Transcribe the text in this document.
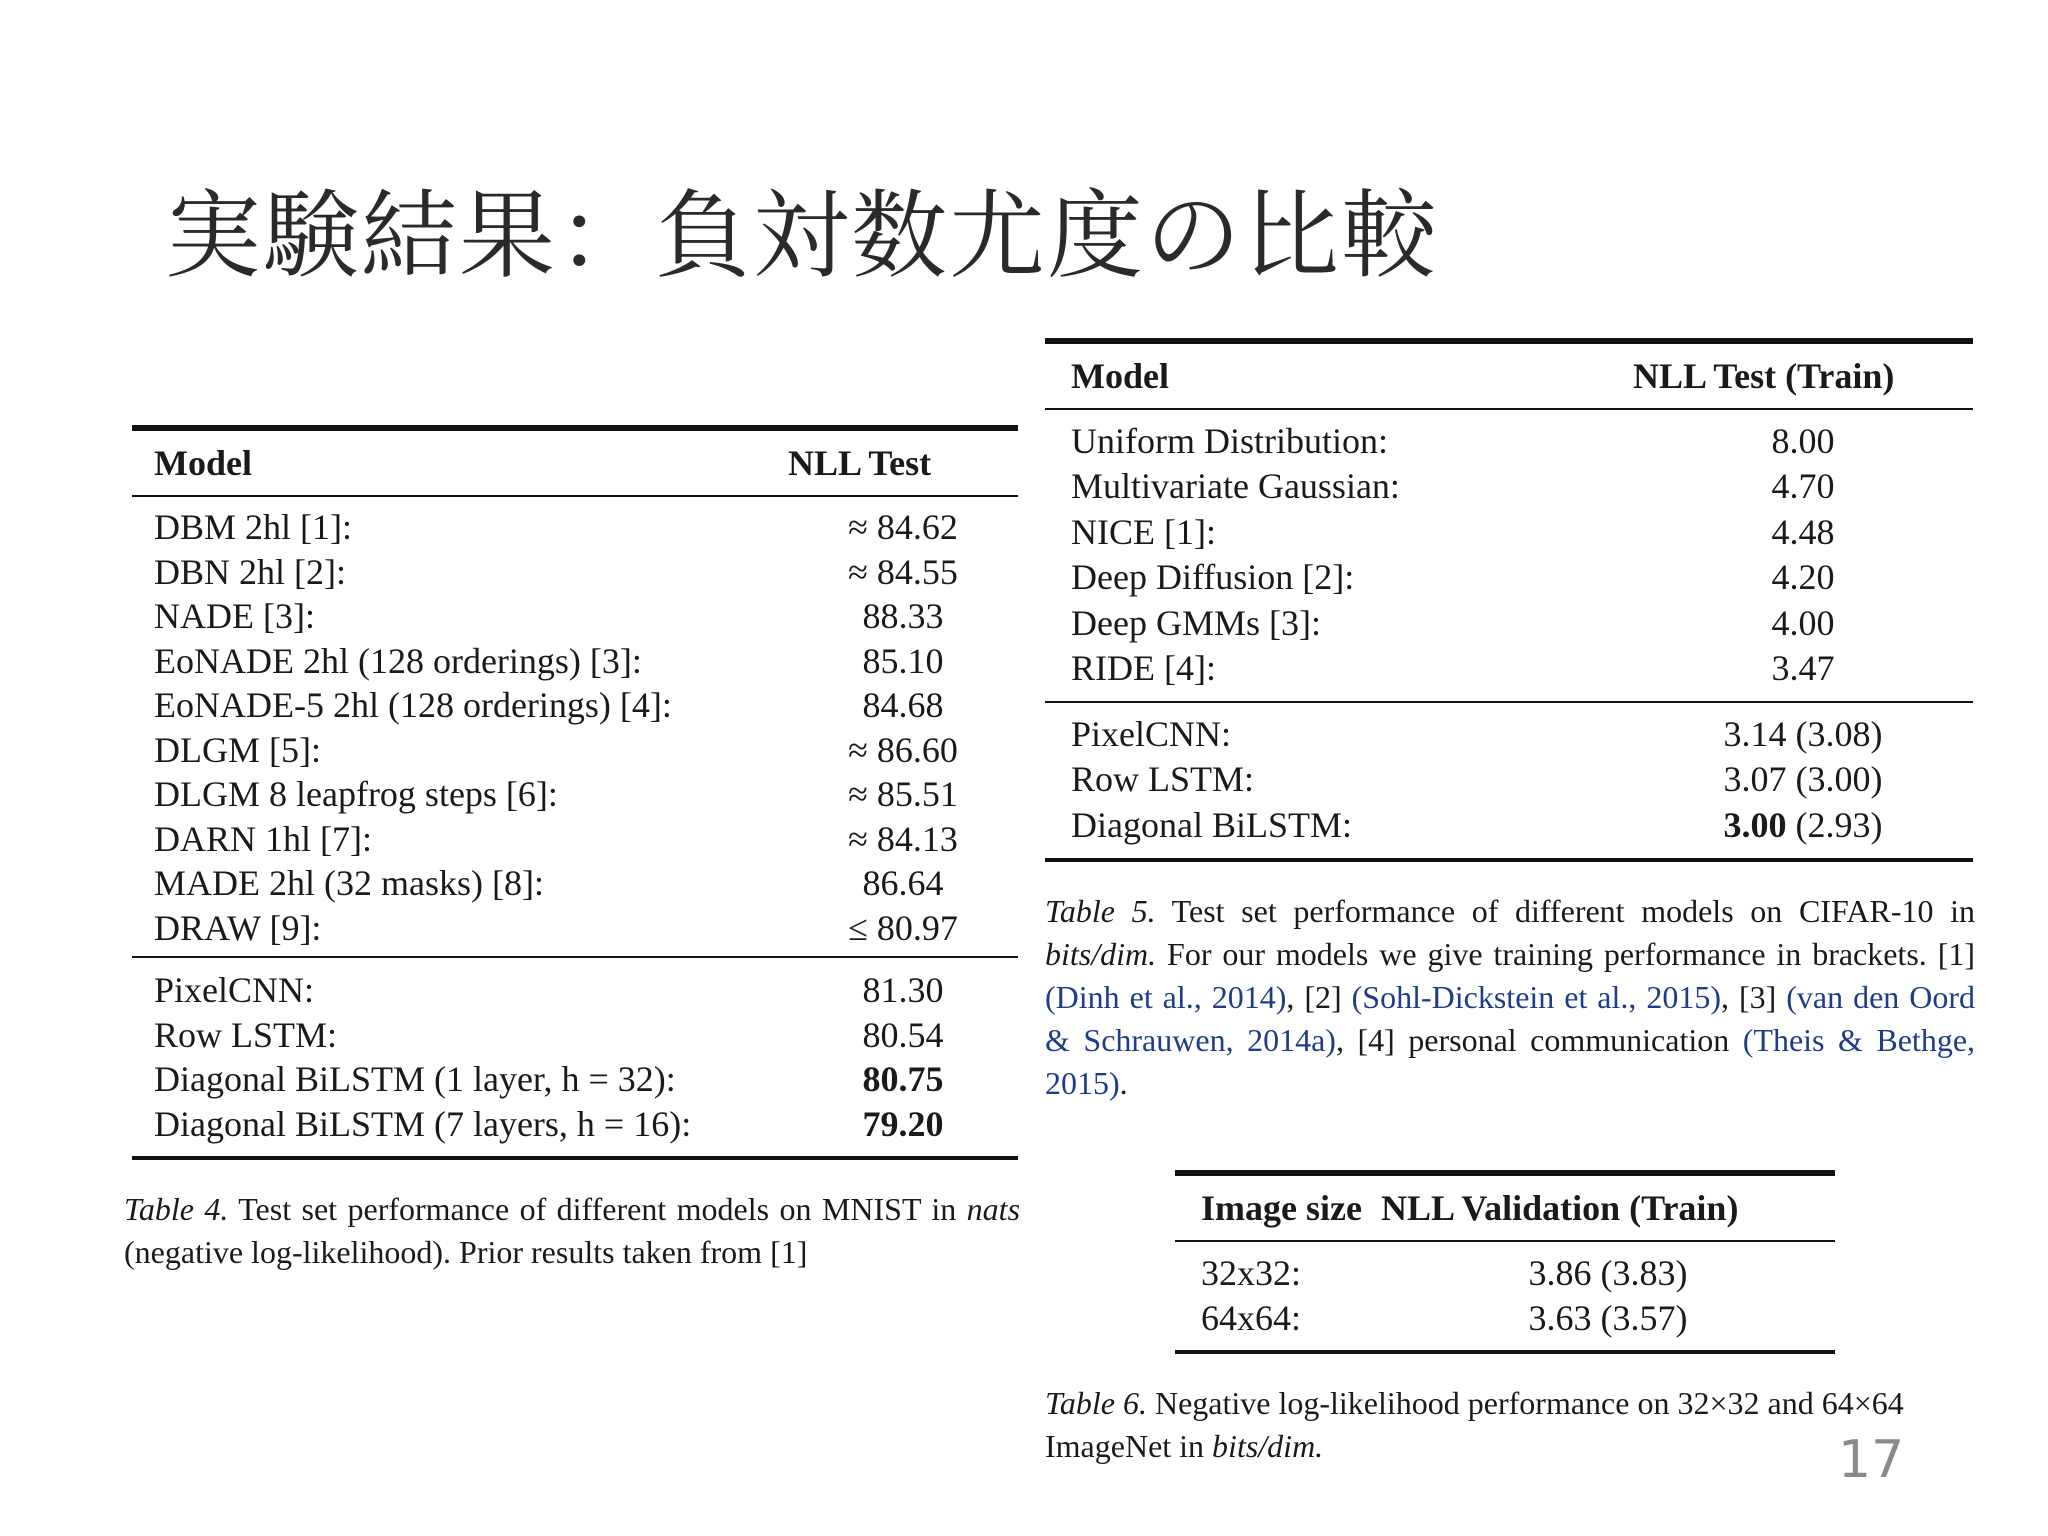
実験結果：負対数尤度の比較
Model	NLL Test
DBM 2hl [1]:	≈ 84.62
DBN 2hl [2]:	≈ 84.55
NADE [3]:	88.33
EoNADE 2hl (128 orderings) [3]:	85.10
EoNADE-5 2hl (128 orderings) [4]:	84.68
DLGM [5]:	≈ 86.60
DLGM 8 leapfrog steps [6]:	≈ 85.51
DARN 1hl [7]:	≈ 84.13
MADE 2hl (32 masks) [8]:	86.64
DRAW [9]:	≤ 80.97
PixelCNN:	81.30
Row LSTM:	80.54
Diagonal BiLSTM (1 layer, h = 32):	80.75
Diagonal BiLSTM (7 layers, h = 16):	79.20
Table 4. Test set performance of different models on MNIST in nats (negative log-likelihood). Prior results taken from [1]
Model	NLL Test (Train)
Uniform Distribution:	8.00
Multivariate Gaussian:	4.70
NICE [1]:	4.48
Deep Diffusion [2]:	4.20
Deep GMMs [3]:	4.00
RIDE [4]:	3.47
PixelCNN:	3.14 (3.08)
Row LSTM:	3.07 (3.00)
Diagonal BiLSTM:	3.00 (2.93)
Table 5. Test set performance of different models on CIFAR-10 in bits/dim. For our models we give training performance in brackets. [1] (Dinh et al., 2014), [2] (Sohl-Dickstein et al., 2015), [3] (van den Oord & Schrauwen, 2014a), [4] personal communication (Theis & Bethge, 2015).
Image size	NLL Validation (Train)
32x32:	3.86 (3.83)
64x64:	3.63 (3.57)
Table 6. Negative log-likelihood performance on 32×32 and 64×64 ImageNet in bits/dim.	17
